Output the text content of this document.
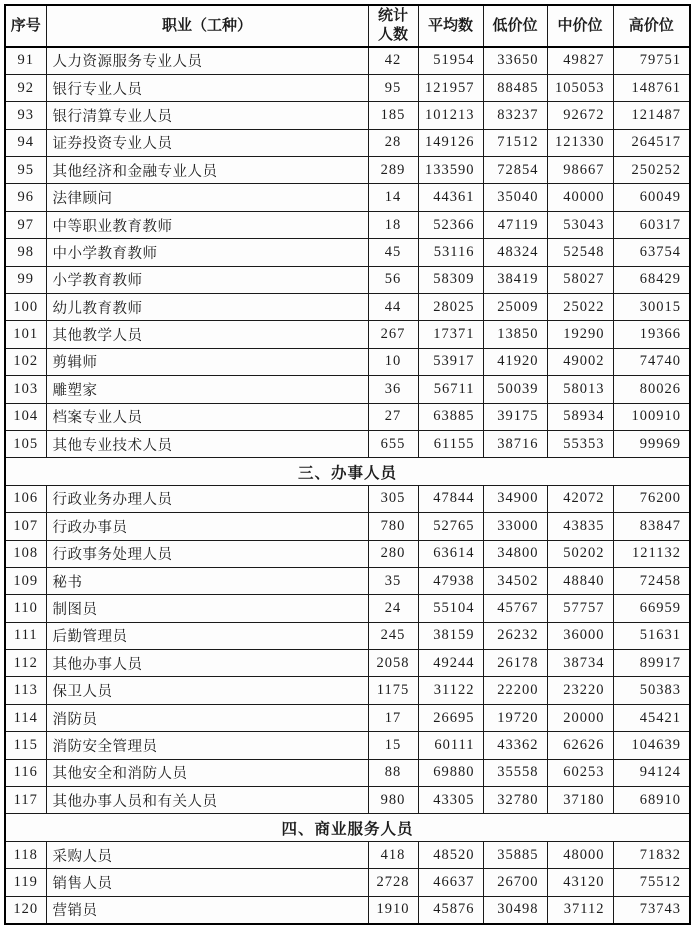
序号	职业（工种）	统计人数	平均数	低价位	中价位	高价位
91	人力资源服务专业人员	42	51954	33650	49827	79751
92	银行专业人员	95	121957	88485	105053	148761
93	银行清算专业人员	185	101213	83237	92672	121487
94	证券投资专业人员	28	149126	71512	121330	264517
95	其他经济和金融专业人员	289	133590	72854	98667	250252
96	法律顾问	14	44361	35040	40000	60049
97	中等职业教育教师	18	52366	47119	53043	60317
98	中小学教育教师	45	53116	48324	52548	63754
99	小学教育教师	56	58309	38419	58027	68429
100	幼儿教育教师	44	28025	25009	25022	30015
101	其他教学人员	267	17371	13850	19290	19366
102	剪辑师	10	53917	41920	49002	74740
103	雕塑家	36	56711	50039	58013	80026
104	档案专业人员	27	63885	39175	58934	100910
105	其他专业技术人员	655	61155	38716	55353	99969
三、办事人员						
106	行政业务办理人员	305	47844	34900	42072	76200
107	行政办事员	780	52765	33000	43835	83847
108	行政事务处理人员	280	63614	34800	50202	121132
109	秘书	35	47938	34502	48840	72458
110	制图员	24	55104	45767	57757	66959
111	后勤管理员	245	38159	26232	36000	51631
112	其他办事人员	2058	49244	26178	38734	89917
113	保卫人员	1175	31122	22200	23220	50383
114	消防员	17	26695	19720	20000	45421
115	消防安全管理员	15	60111	43362	62626	104639
116	其他安全和消防人员	88	69880	35558	60253	94124
117	其他办事人员和有关人员	980	43305	32780	37180	68910
四、商业服务人员						
118	采购人员	418	48520	35885	48000	71832
119	销售人员	2728	46637	26700	43120	75512
120	营销员	1910	45876	30498	37112	73743
